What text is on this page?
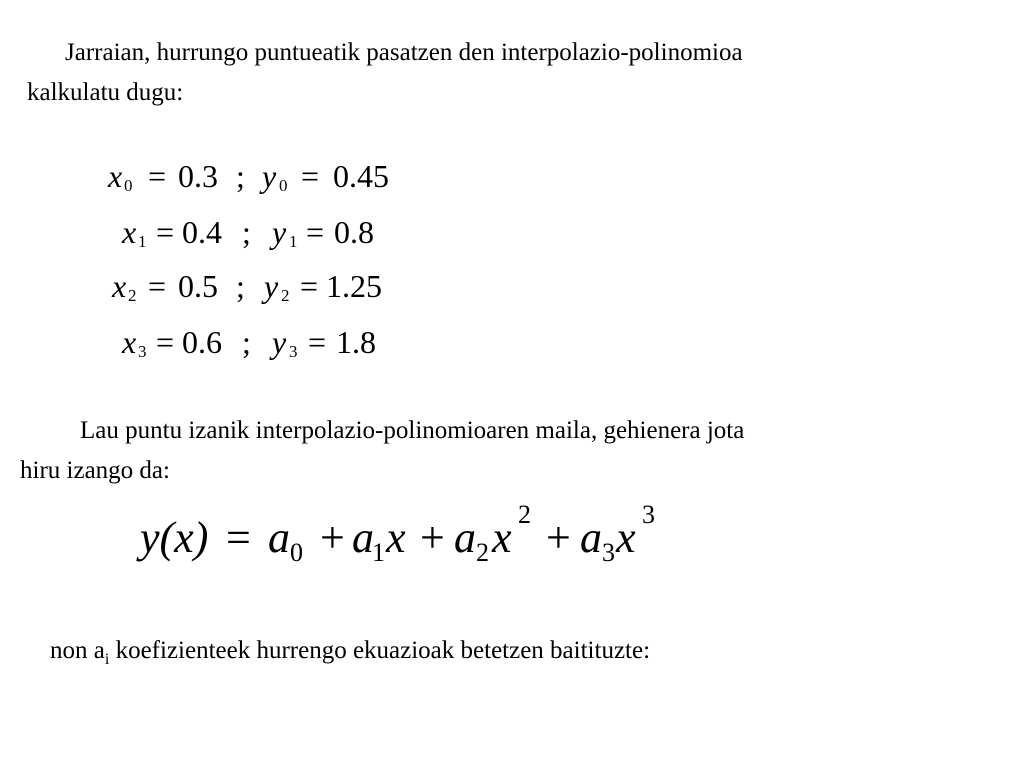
Jarraian, hurrungo puntueatik pasatzen den interpolazio-polinomioa
kalkulatu dugu:
x 0 = 0.3 ; y 0 = 0.45
x 1 = 0.4 ; y 1 = 0.8
x 2 = 0.5 ; y 2 = 1.25
x 3 = 0.6 ; y 3 = 1.8
Lau puntu izanik interpolazio-polinomioaren maila, gehienera jota
hiru izango da:
y(x) = a 0 + a
1 x + a 2 x 2 + a 3 x 3
non $a_i$ koefizienteek hurrengo ekuazioak betetzen baitituzte:
